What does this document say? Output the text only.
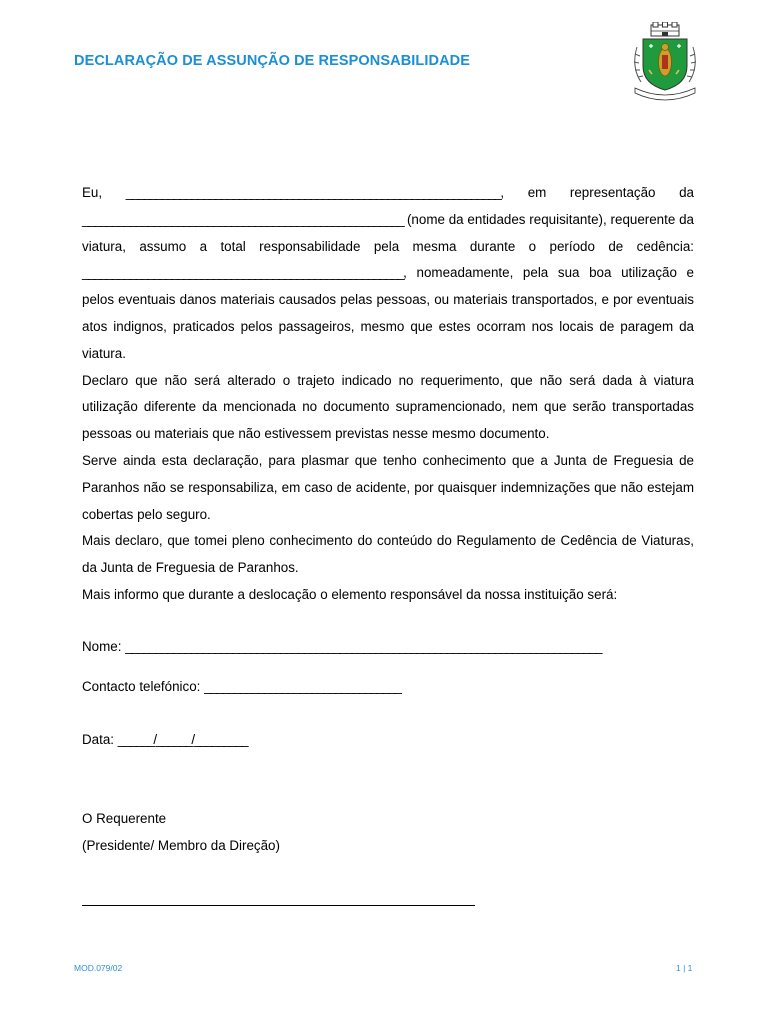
DECLARAÇÃO DE ASSUNÇÃO DE RESPONSABILIDADE

Eu, _______________________________________________________________, em representação da ______________________________________________________ (nome da entidades requisitante), requerente da viatura, assumo a total responsabilidade pela mesma durante o período de cedência: ______________________________________________________, nomeadamente, pela sua boa utilização e pelos eventuais danos materiais causados pelas pessoas, ou materiais transportados, e por eventuais atos indignos, praticados pelos passageiros, mesmo que estes ocorram nos locais de paragem da viatura.

Declaro que não será alterado o trajeto indicado no requerimento, que não será dada à viatura utilização diferente da mencionada no documento supramencionado, nem que serão transportadas pessoas ou materiais que não estivessem previstas nesse mesmo documento.

Serve ainda esta declaração, para plasmar que tenho conhecimento que a Junta de Freguesia de Paranhos não se responsabiliza, em caso de acidente, por quaisquer indemnizações que não estejam cobertas pelo seguro.

Mais declaro, que tomei pleno conhecimento do conteúdo do Regulamento de Cedência de Viaturas, da Junta de Freguesia de Paranhos.

Mais informo que durante a deslocação o elemento responsável da nossa instituição será:

Nome: ________________________________________________________________________________
Contacto telefónico: _________________________________
Data: ______/______/_________
O Requerente
(Presidente/ Membro da Direção)
MOD.079/02	1 | 1
